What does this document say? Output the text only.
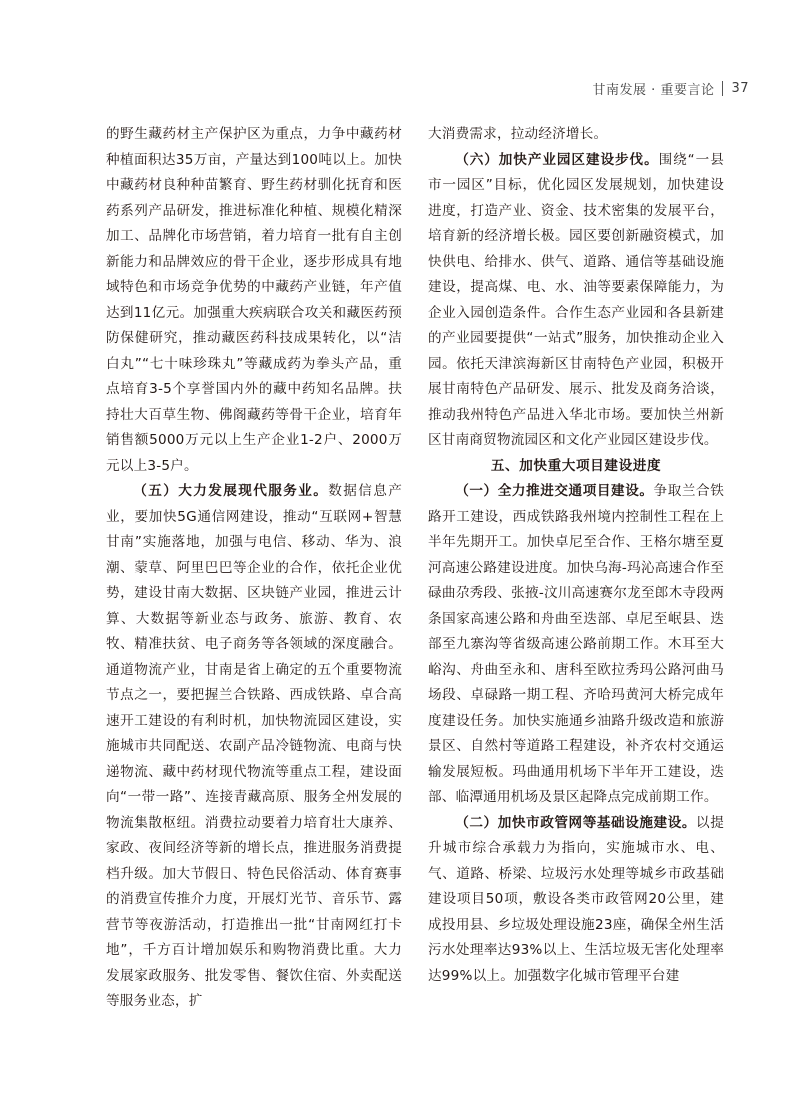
甘南发展 · 重要言论 37

的野生藏药材主产保护区为重点，力争中藏药材种植面积达35万亩，产量达到100吨以上。加快中藏药材良种种苗繁育、野生药材驯化抚育和医药系列产品研发，推进标准化种植、规模化精深加工、品牌化市场营销，着力培育一批有自主创新能力和品牌效应的骨干企业，逐步形成具有地域特色和市场竞争优势的中藏药产业链，年产值达到11亿元。加强重大疾病联合攻关和藏医药预防保健研究，推动藏医药科技成果转化，以“洁白丸”“七十味珍珠丸”等藏成药为拳头产品，重点培育3-5个享誉国内外的藏中药知名品牌。扶持壮大百草生物、佛阁藏药等骨干企业，培育年销售额5000万元以上生产企业1-2户、2000万元以上3-5户。

（五）大力发展现代服务业。数据信息产业，要加快5G通信网建设，推动“互联网+智慧甘南”实施落地，加强与电信、移动、华为、浪潮、蒙草、阿里巴巴等企业的合作，依托企业优势，建设甘南大数据、区块链产业园，推进云计算、大数据等新业态与政务、旅游、教育、农牧、精准扶贫、电子商务等各领域的深度融合。通道物流产业，甘南是省上确定的五个重要物流节点之一，要把握兰合铁路、西成铁路、卓合高速开工建设的有利时机，加快物流园区建设，实施城市共同配送、农副产品冷链物流、电商与快递物流、藏中药材现代物流等重点工程，建设面向“一带一路”、连接青藏高原、服务全州发展的物流集散枢纽。消费拉动要着力培育壮大康养、家政、夜间经济等新的增长点，推进服务消费提档升级。加大节假日、特色民俗活动、体育赛事的消费宣传推介力度，开展灯光节、音乐节、露营节等夜游活动，打造推出一批“甘南网红打卡地”，千方百计增加娱乐和购物消费比重。大力发展家政服务、批发零售、餐饮住宿、外卖配送等服务业态，扩

大消费需求，拉动经济增长。

（六）加快产业园区建设步伐。围绕“一县市一园区”目标，优化园区发展规划，加快建设进度，打造产业、资金、技术密集的发展平台，培育新的经济增长极。园区要创新融资模式，加快供电、给排水、供气、道路、通信等基础设施建设，提高煤、电、水、油等要素保障能力，为企业入园创造条件。合作生态产业园和各县新建的产业园要提供“一站式”服务，加快推动企业入园。依托天津滨海新区甘南特色产业园，积极开展甘南特色产品研发、展示、批发及商务洽谈，推动我州特色产品进入华北市场。要加快兰州新区甘南商贸物流园区和文化产业园区建设步伐。

五、加快重大项目建设进度

（一）全力推进交通项目建设。争取兰合铁路开工建设，西成铁路我州境内控制性工程在上半年先期开工。加快卓尼至合作、王格尔塘至夏河高速公路建设进度。加快乌海-玛沁高速合作至碌曲尕秀段、张掖-汶川高速赛尔龙至郎木寺段两条国家高速公路和舟曲至迭部、卓尼至岷县、迭部至九寨沟等省级高速公路前期工作。木耳至大峪沟、舟曲至永和、唐科至欧拉秀玛公路河曲马场段、卓碌路一期工程、齐哈玛黄河大桥完成年度建设任务。加快实施通乡油路升级改造和旅游景区、自然村等道路工程建设，补齐农村交通运输发展短板。玛曲通用机场下半年开工建设，迭部、临潭通用机场及景区起降点完成前期工作。

（二）加快市政管网等基础设施建设。以提升城市综合承载力为指向，实施城市水、电、气、道路、桥梁、垃圾污水处理等城乡市政基础建设项目50项，敷设各类市政管网20公里，建成投用县、乡垃圾处理设施23座，确保全州生活污水处理率达93%以上、生活垃圾无害化处理率达99%以上。加强数字化城市管理平台建
